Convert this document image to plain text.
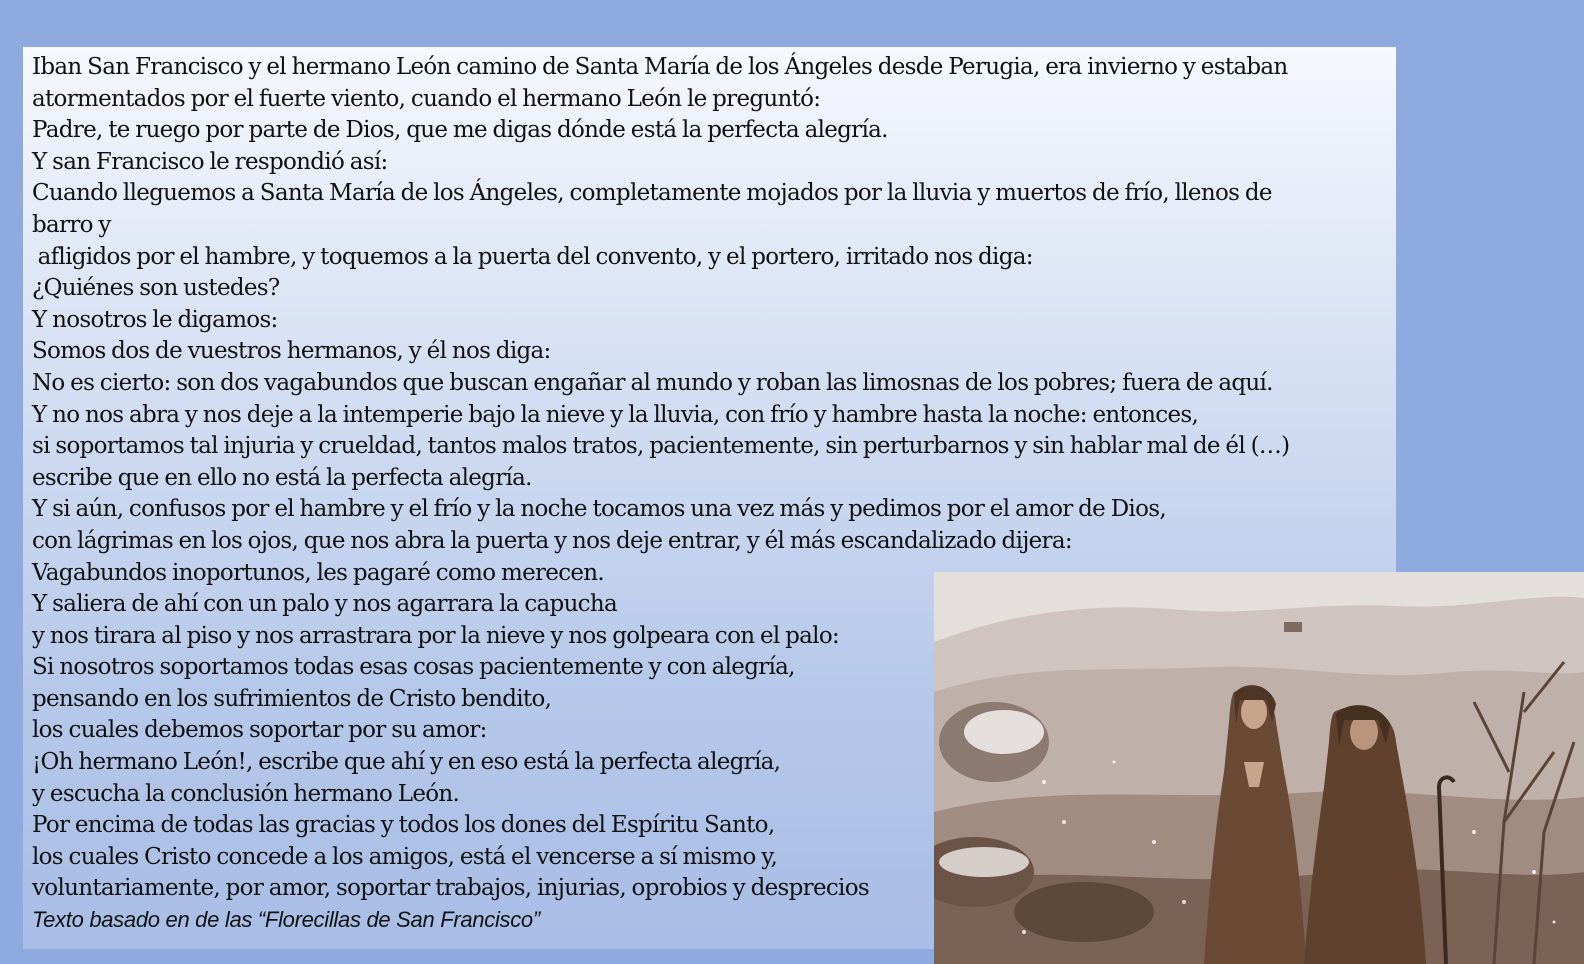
Iban San Francisco y el hermano León camino de Santa María de los Ángeles desde Perugia, era invierno y estaban
atormentados por el fuerte viento, cuando el hermano León le preguntó:
Padre, te ruego por parte de Dios, que me digas dónde está la perfecta alegría.
Y san Francisco le respondió así:
Cuando lleguemos a Santa María de los Ángeles, completamente mojados por la lluvia y muertos de frío, llenos de
barro y
afligidos por el hambre, y toquemos a la puerta del convento, y el portero, irritado nos diga:
¿Quiénes son ustedes?
Y nosotros le digamos:
Somos dos de vuestros hermanos, y él nos diga:
No es cierto: son dos vagabundos que buscan engañar al mundo y roban las limosnas de los pobres; fuera de aquí.
Y no nos abra y nos deje a la intemperie bajo la nieve y la lluvia, con frío y hambre hasta la noche: entonces,
si soportamos tal injuria y crueldad, tantos malos tratos, pacientemente, sin perturbarnos y sin hablar mal de él (…)
escribe que en ello no está la perfecta alegría.
Y si aún, confusos por el hambre y el frío y la noche tocamos una vez más y pedimos por el amor de Dios,
con lágrimas en los ojos, que nos abra la puerta y nos deje entrar, y él más escandalizado dijera:
Vagabundos inoportunos, les pagaré como merecen.
Y saliera de ahí con un palo y nos agarrara la capucha
y nos tirara al piso y nos arrastrara por la nieve y nos golpeara con el palo:
Si nosotros soportamos todas esas cosas pacientemente y con alegría,
pensando en los sufrimientos de Cristo bendito,
los cuales debemos soportar por su amor:
¡Oh hermano León!, escribe que ahí y en eso está la perfecta alegría,
y escucha la conclusión hermano León.
Por encima de todas las gracias y todos los dones del Espíritu Santo,
los cuales Cristo concede a los amigos, está el vencerse a sí mismo y,
voluntariamente, por amor, soportar trabajos, injurias, oprobios y desprecios
Texto basado en de las “Florecillas de San Francisco”
